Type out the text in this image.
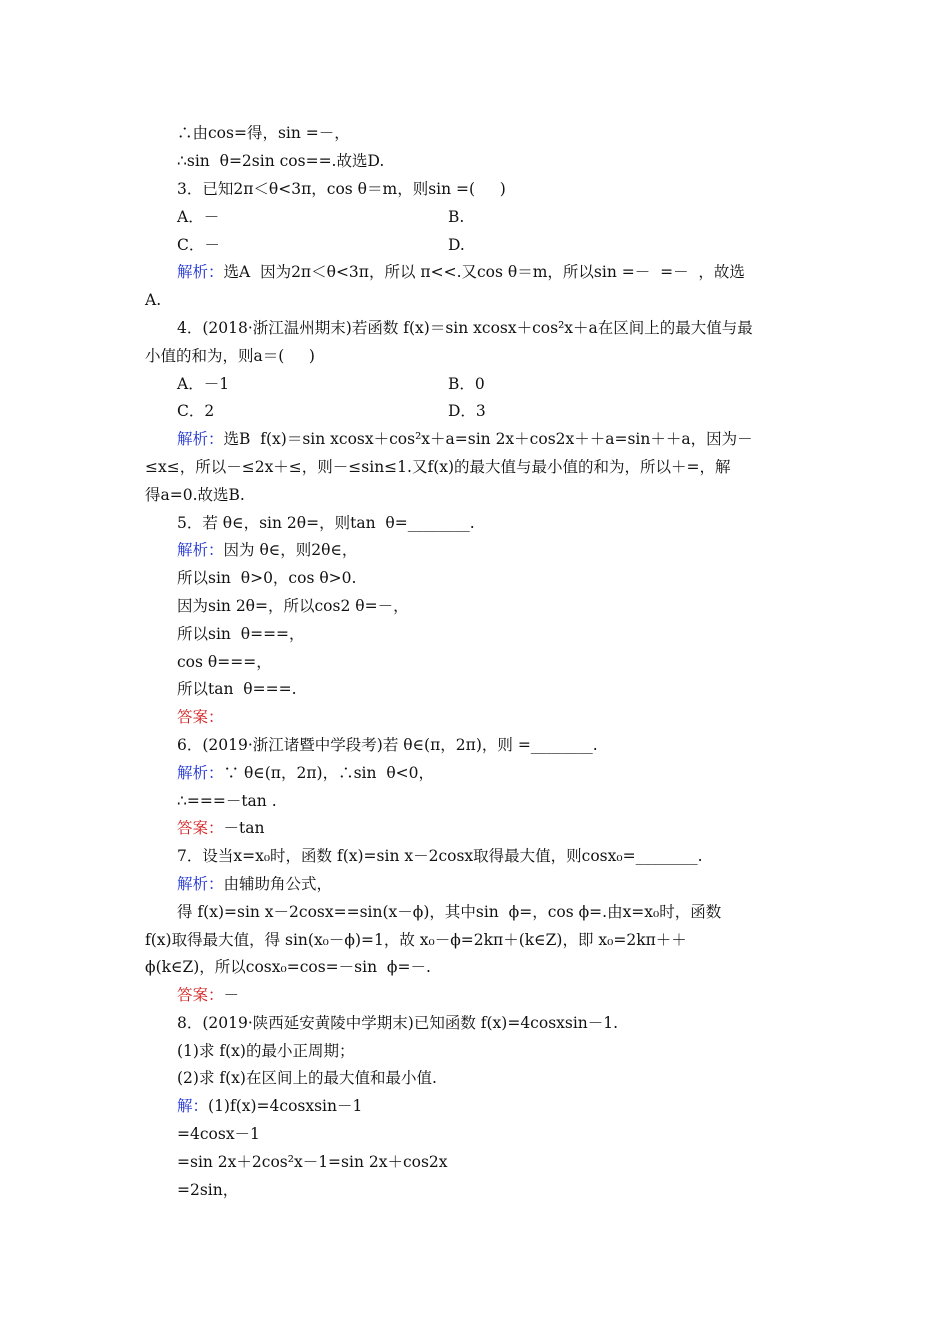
∴由cos=得，sin =－，
∴sin  θ=2sin cos==.故选D.
3．已知2π＜θ<3π，cos θ＝m，则sin =(     )
A．－	B.
C．－	D.
解析：选A  因为2π＜θ<3π，所以 π<<.又cos θ＝m，所以sin =－  =－  ，故选
A.
4．(2018·浙江温州期末)若函数 f(x)＝sin xcosx＋cos²x＋a在区间上的最大值与最
小值的和为，则a＝(     )
A．－1	B．0
C．2	D．3
解析：选B  f(x)＝sin xcosx＋cos²x＋a=sin 2x＋cos2x＋＋a=sin＋＋a，因为－
≤x≤，所以－≤2x＋≤，则－≤sin≤1.又f(x)的最大值与最小值的和为，所以＋=，解
得a=0.故选B.
5．若 θ∈，sin 2θ=，则tan  θ=________.
解析：因为 θ∈，则2θ∈，
所以sin  θ>0，cos θ>0.
因为sin 2θ=，所以cos2 θ=－，
所以sin  θ===，
cos θ===，
所以tan  θ===.
答案：
6．(2019·浙江诸暨中学段考)若 θ∈(π，2π)，则 =________.
解析：∵ θ∈(π，2π)，∴sin  θ<0，
∴===－tan .
答案：－tan
7．设当x=x₀时，函数 f(x)=sin x－2cosx取得最大值，则cosx₀=________.
解析：由辅助角公式，
得 f(x)=sin x－2cosx==sin(x－ϕ)，其中sin  ϕ=，cos ϕ=.由x=x₀时，函数
f(x)取得最大值，得 sin(x₀－ϕ)=1，故 x₀－ϕ=2kπ＋(k∈Z)，即 x₀=2kπ＋＋
ϕ(k∈Z)，所以cosx₀=cos=－sin  ϕ=－.
答案：－
8．(2019·陕西延安黄陵中学期末)已知函数 f(x)=4cosxsin－1.
(1)求 f(x)的最小正周期；
(2)求 f(x)在区间上的最大值和最小值.
解：(1)f(x)=4cosxsin－1
=4cosx－1
=sin 2x＋2cos²x－1=sin 2x＋cos2x
=2sin，
